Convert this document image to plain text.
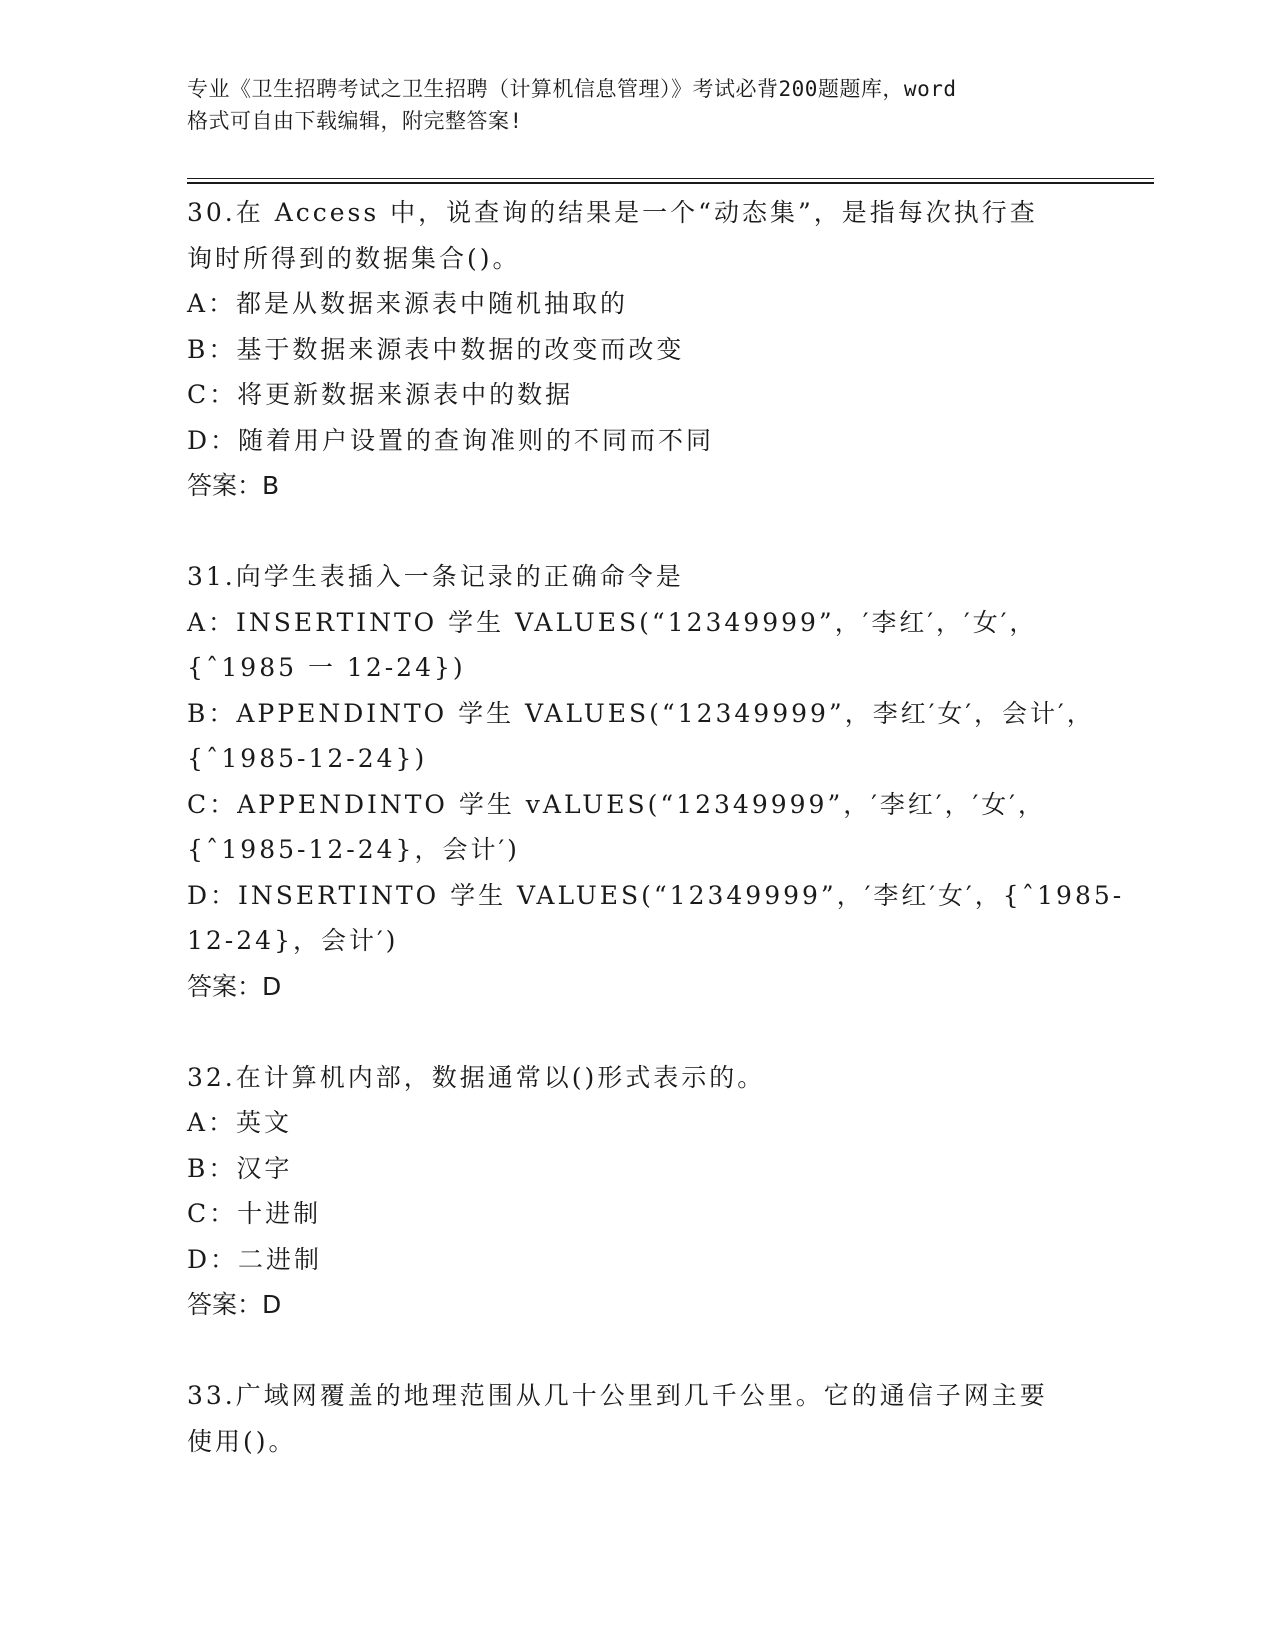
专业《卫生招聘考试之卫生招聘（计算机信息管理）》考试必背200题题库，word
格式可自由下载编辑，附完整答案!
30.在 Access 中，说查询的结果是一个“动态集”，是指每次执行查
询时所得到的数据集合()。
A：都是从数据来源表中随机抽取的
B：基于数据来源表中数据的改变而改变
C：将更新数据来源表中的数据
D：随着用户设置的查询准则的不同而不同
答案：B
31.向学生表插入一条记录的正确命令是
A：INSERTINTO 学生 VALUES(“12349999”，′李红′，′女′，
{ˆ1985 一 12-24})
B：APPENDINTO 学生 VALUES(“12349999”，李红′女′，会计′，
{ˆ1985-12-24})
C：APPENDINTO 学生 vALUES(“12349999”，′李红′，′女′，
{ˆ1985-12-24}，会计′)
D：INSERTINTO 学生 VALUES(“12349999”，′李红′女′，{ˆ1985-
12-24}，会计′)
答案：D
32.在计算机内部，数据通常以()形式表示的。
A：英文
B：汉字
C：十进制
D：二进制
答案：D
33.广域网覆盖的地理范围从几十公里到几千公里。它的通信子网主要
使用()。
